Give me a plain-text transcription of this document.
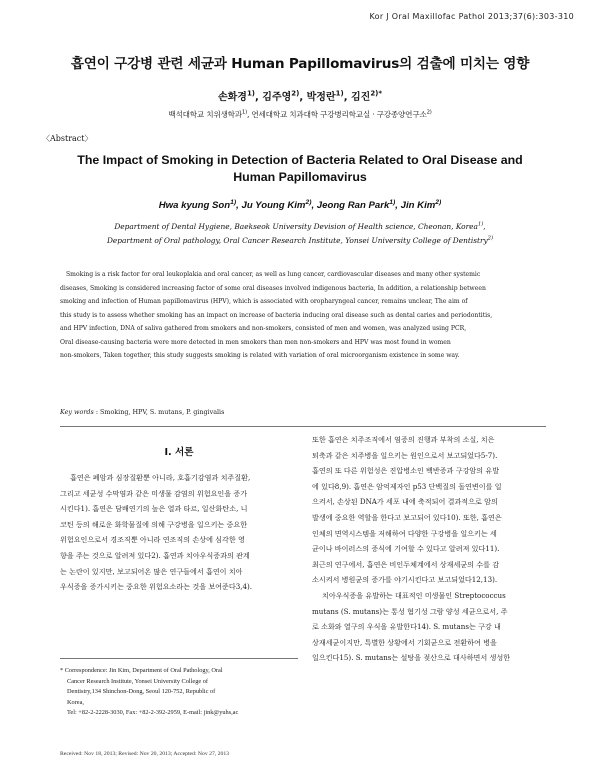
Kor J Oral Maxillofac Pathol 2013;37(6):303-310
흡연이 구강병 관련 세균과 Human Papillomavirus의 검출에 미치는 영향
손화경$^{1)}$, 김주영$^{2)}$, 박정란$^{1)}$, 김진$^{2)*}$
백석대학교 치위생학과$^{1)}$, 연세대학교 치과대학 구강병리학교실 · 구강종양연구소$^{2)}$
〈Abstract〉
The Impact of Smoking in Detection of Bacteria Related to Oral Disease and
Human Papillomavirus
Hwa kyung Son$^{1)}$, Ju Young Kim$^{2)}$, Jeong Ran Park$^{1)}$, Jin Kim$^{2)}$
Department of Dental Hygiene, Baekseok University Devision of Health science, Cheonan, Korea$^{1)}$,
Department of Oral pathology, Oral Cancer Research Institute, Yonsei University College of Dentistry$^{2)}$
Smoking is a risk factor for oral leukoplakia and oral cancer, as well as lung cancer, cardiovascular diseases and many other systemic
diseases, Smoking is considered increasing factor of some oral diseases involved indigenous bacteria, In addition, a relationship between
smoking and infection of Human papillomavirus (HPV), which is associated with oropharyngeal cancer, remains unclear, The aim of
this study is to assess whether smoking has an impact on increase of bacteria inducing oral disease such as dental caries and periodontitis,
and HPV infection, DNA of saliva gathered from smokers and non-smokers, consisted of men and women, was analyzed using PCR,
Oral disease-causing bacteria were more detected in men smokers than men non-smokers and HPV was most found in women
non-smokers, Taken together, this study suggests smoking is related with variation of oral microorganism existence in some way.
Key words : Smoking, HPV, S. mutans, P. gingivalis
Ⅰ. 서론
흡연은 폐암과 심장질환뿐 아니라, 호흡기감염과 치주질환,
그리고 세균성 수막염과 같은 미생물 감염의 위험요인을 증가
시킨다1). 흡연은 담배연기의 높은 열과 타르, 일산화탄소, 니
코틴 등의 해로운 화학물질에 의해 구강병을 일으키는 중요한
위험요인으로서 경조직뿐 아니라 연조직의 손상에 심각한 영
향을 주는 것으로 알려져 있다2). 흡연과 치아우식증과의 관계
는 논란이 있지만, 보고되어온 많은 연구들에서 흡연이 치아
우식증을 증가시키는 중요한 위험요소라는 것을 보여준다3,4).
또한 흡연은 치주조직에서 염증의 진행과 부착의 소실, 치은
퇴축과 같은 치주병을 일으키는 원인으로서 보고되었다5-7).
흡연의 또 다른 위험성은 진압병소인 백반증과 구강암의 유발
에 있다8,9). 흡연은 암억제자인 p53 단백질의 돌연변이를 일
으켜서, 손상된 DNA가 세포 내에 축적되어 결과적으로 암의
발생에 중요한 역할을 한다고 보고되어 있다10). 또한, 흡연은
인체의 면역시스템을 저해하여 다양한 구강병을 일으키는 세
균이나 바이러스의 증식에 기여할 수 있다고 알려져 있다11).
최근의 연구에서, 흡연은 비인두체계에서 상재세균의 수를 감
소시켜서 병원균의 증가를 야기시킨다고 보고되었다12,13).
치아우식증을 유발하는 대표적인 미생물인 Streptococcus
mutans (S. mutans)는 통성 혐기성 그람 양성 세균으로서, 주
로 소화와 열구의 우식을 유발한다14). S. mutans는 구강 내
상재세균이지만, 특별한 상황에서 기회균으로 전환하여 병을
일으킨다15). S. mutans는 설탕을 젖산으로 대사하면서 생성한
* Correspondence: Jin Kim, Department of Oral Pathology, Oral
Cancer Research Institute, Yonsei University College of
Dentistry,134 Shinchon-Dong, Seoul 120-752, Republic of
Korea,
Tel: +82-2-2228-3030, Fax: +82-2-392-2959, E-mail: jink@yuhs,ac
Received: Nov 18, 2013; Revised: Nov 20, 2013; Accepted: Nov 27, 2013
